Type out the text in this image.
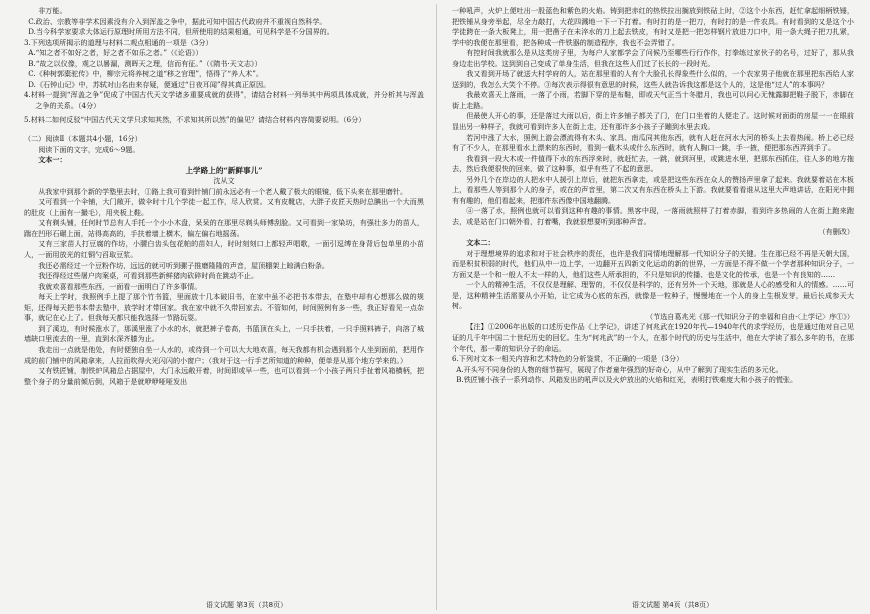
非万能。

C.政治、宗教等非学术因素没有介入到浑盖之争中，据此可知中国古代政府并不重视自然科学。

D.当今科学家要求大体运行原理时所用方法不同，但所使用的结果相通，可见科学是不分国界的。

3.下列选项所揭示的道理与材料二观点相通的一项是（3分）

A.“知之者不如好之者，好之者不如乐之者。”（《论语》）

B.“故之以仪像，观之以晷漏，测晖天之理，信而有征。”（《隋书·天文志》）

C.《种树郭橐驼传》中，柳宗元将养树之道“移之官理”，悟得了“养人术”。

D.《石钟山记》中，苏轼对山名由来存疑，便通过“日夜耳闻”得其真正原因。

4.材料一提到“浑盖之争”促成了中国古代天文学诸多重要成就的获得”，请结合材料一列举其中两项具体成就，并分析其与浑盖之争的关系。（4分）

5.材料二如何反驳“中国古代天文学只求知其然，不求知其所以然”的偏见？请结合材料内容简要说明。（6分）

（二）阅读Ⅱ（本题共4小题，16分）

阅读下面的文字，完成6～9题。

文本一：

上学路上的“新鲜事儿”

沈从文

从我家中到那个新的学塾里去时，①路上我可看到针铺门前永远必有一个老人戴了极大的眼镜，低下头来在那里磨针。

又可看到一个伞铺，大门敞开，做伞时十几个学徒一起工作，尽人欣赏。又有皮靴店，大胖子皮匠天热时总腆出一个大而黑的肚皮（上面有一撮毛），用夹板上鞋。

又有剃头铺，任何时节总有人手托一个小小木盘，呆呆的在那里尽剃头师傅刮脸。又可看到一家染坊，有强壮多力的苗人，踹在凹形石碾上面，站得高高的，手扶着墙上横木，偏左偏右地摇荡。

又有三家苗人打豆腐的作坊，小腰白齿头包花帕的苗妇人，时时刻刻口上都轻声唱歌，一面引逗缚在身背后包单里的小苗人，一面用放光的红铜勺舀取豆浆。

我还必需经过一个豆粉作坊，远远的就可听到骡子推磨隆隆的声音，屋顶棚架上晾满白粉条。

我还得经过些屠户肉案桌，可看到那些新鲜猪肉砍碎时尚在跳动不止。

我就欢喜看那些东西，一面看一面明白了许多事情。

每天上学时，我照例手上提了那个竹书篮，里面放十几本破旧书，在家中虽不必把书本带去，在塾中却有心想那么做的规矩，还得每天把书本带去塾中，放学时才带回家。我在家中就不久带回家去。不管如何，时间照例有多一些，我正好看见一点杂事，就记在心上了。但我每天都只能我选择一节路玩耍。

到了溪边，有时候涨水了，那溪里涨了小水的水，就把裤子卷高，书篮顶在头上，一只手扶着，一只手照料裤子，向溶了城墙缺口里流去的一里，直到水深齐膝为止。

我走出一点就是他处，有时便独自坐一人水的，或待到一个可以大大地欢喜，每天我都有机会遇到那个人坐到面前，把用作成的前门铺中的风箱拿来，人拉而吹得火光闪闪的小窗户；（我对于这一行手艺所知道的种种，便单是从那个地方学来的。）

又有铁匠铺，制铁炉风箱总占据屋中，大门永远敞开着，时间即或早一些，也可以看到一个小孩子两只手扯着风箱横柄，把整个身子的分量前倾后倒，风箱于是就咿咿哑哑发出

一种吼声，火炉上便吐出一股蓝色和紫色的火焰。铸到把赤红的热铁拉出搁放到铁砧上时，②这个小东西，赶忙拿起细柄铁锤，把铁锤从身旁举起，尽全力敲打，大花四溅地一下一下打着。有时打的是一把刀，有时打的是一件农具。有时看到的又是这个小学徒跨在一条大板凳上，用一把凿子在未淬水的刀上起去铁皮，有时又是把一把怎样钢片放进刀口中，用一条大绳子把刀扎紧，学中的我便在那里看，把各种成一件铁器的制造程序，我也不会弄错了。

有控时间我就那么是从这类房子里，为每户人家都学会了问候乃至哪些行行作作，打拳练过家伙子的名号，过好了，那从我身边走出学校。这到到自己变成了单身生活，但我在这些人们过了长长的一段时光。

我又看到开场了就送大村学府的人，站在那里看的人有个大脸孔长得象些什么似的，一个农家男子他就在那里把东西给人家送到的，我怎么大笑个不停。③每次表示得很有意思的时候，这些人就告诉我这都是这个人的，这是他“过人”的本事吗？

我最欢喜天上落雨，一落了小雨，若脚下穿的是布鞋，即或天气正当十冬腊月，我也可以问心无愧露脚把鞋子脱下，赤脚在街上走路。

但最使人开心的事，还是落过大雨以后，街上许多铺子都关了门，在门口坐着的人便走了。这时候对面街的房屋一一在眼前显出另一种样子，我就可看到许多人在街上走，还有那许多小孩子子蹦到水里去戏。

若河中涨了大水，照例上游会漂流得有木头、家具、南瓜同其他东西，就有人赶在河水大河的桥头上去看热闹。桥上必已经有了不少人，在那里看水上漂来的东西时，看到一截木头或什么东西时，就有人胸口一跳，手一掖，便把那东西弄到手了。

我看到一段大木或一件值得下水的东西浮来时，就赶忙去，一跳，就到河里，或跳进水里，把那东西抓住，往人多的地方拖去，然后我便很快的回来，做了这种事，似乎有些了不起的意思。

另外几个在岸边的人把水中人援引上岸后，就把东西拿走，或是把这些东西在众人的赞扬声里拿了起来。我就要着站在木板上，看那些人等到那个人的身子，或在的声音里，第二次又有东西在桥头上下游。我就要看看谁从这里大声地讲话，在阳光中拥有有趣的，他们看起来，把那件东西像中国地翻腾。

④一落了水，照例也就可以看到这种有趣的事情。黑客中现，一落雨就照样了打着赤脚，看到许多热闹的人在街上跑来跑去，或是站在门口朝外看，打着嘴，我就很想要听到那种声音。

（有删改）

文本二：

对于理想境界的追求和对于社会秩序的责任，也许是我们同情地理解那一代知识分子的关键。生在那已经不再是天朝大国，而是积贫积弱的时代，他们从中一边上学，一边翻开五四新文化运动的新的世界，一方面是不得不做一个学者那种知识分子，一方面又是一个和一般人不太一样的人，他们这些人所承担的，不只是知识的传播、也是文化的传承，也是一个有良知的……

一个人的精神生活，不仅仅是理解、理智的，不仅仅是科学的，还有另外一个天地，那就是人心的感受和人的情感。……可是，这种精神生活需要从小开始，让它成为心底的东西，就像是一粒种子，慢慢地在一个人的身上生根发芽，最后长成参天大树。

（节选自葛兆光《那一代知识分子的幸福和自由·〈上学记〉序①》）

【注】①2006年出版的口述历史作品《上学记》，讲述了何兆武在1920年代—1940年代的求学经历，也是通过他对自己见证的几千年中国二十世纪历史的回忆。生为“何兆武”的一个人，在那个时代的历史与生活中，他在大学读了那么多年的书，在那个年代，那一辈的知识分子的命运。

6.下列对文本一相关内容和艺术特色的分析鉴赏，不正确的一项是（3分）

A.开头写不同身份的人物的细节描写，展现了作者童年强烈的好奇心，从中了解到了现实生活的多元化。

B.铁匠铺小孩子一系列动作、风箱发出的吼声以及火炉放出的火焰和红光，表明打铁难度大和小孩子的慌张。

语文试题 第3页（共8页）	语文试题 第4页（共8页）
